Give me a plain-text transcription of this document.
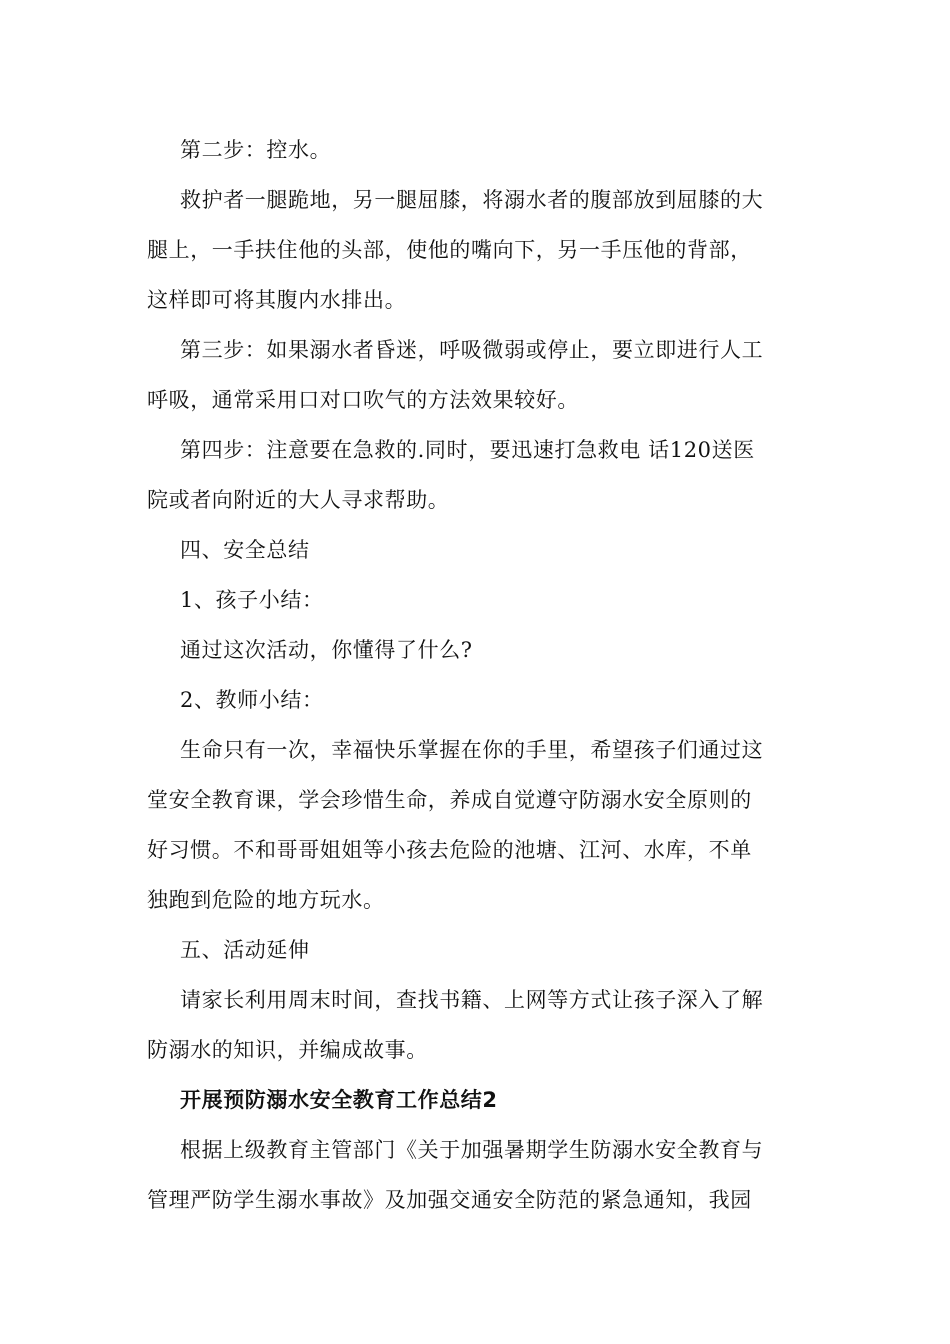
第二步：控水。
救护者一腿跪地，另一腿屈膝，将溺水者的腹部放到屈膝的大
腿上，一手扶住他的头部，使他的嘴向下，另一手压他的背部，
这样即可将其腹内水排出。
第三步：如果溺水者昏迷，呼吸微弱或停止，要立即进行人工
呼吸，通常采用口对口吹气的方法效果较好。
第四步：注意要在急救的.同时，要迅速打急救电 话120送医
院或者向附近的大人寻求帮助。
四、安全总结
1、孩子小结：
通过这次活动，你懂得了什么?
2、教师小结：
生命只有一次，幸福快乐掌握在你的手里，希望孩子们通过这
堂安全教育课，学会珍惜生命，养成自觉遵守防溺水安全原则的
好习惯。不和哥哥姐姐等小孩去危险的池塘、江河、水库，不单
独跑到危险的地方玩水。
五、活动延伸
请家长利用周末时间，查找书籍、上网等方式让孩子深入了解
防溺水的知识，并编成故事。
开展预防溺水安全教育工作总结2
根据上级教育主管部门《关于加强暑期学生防溺水安全教育与
管理严防学生溺水事故》及加强交通安全防范的紧急通知，我园
